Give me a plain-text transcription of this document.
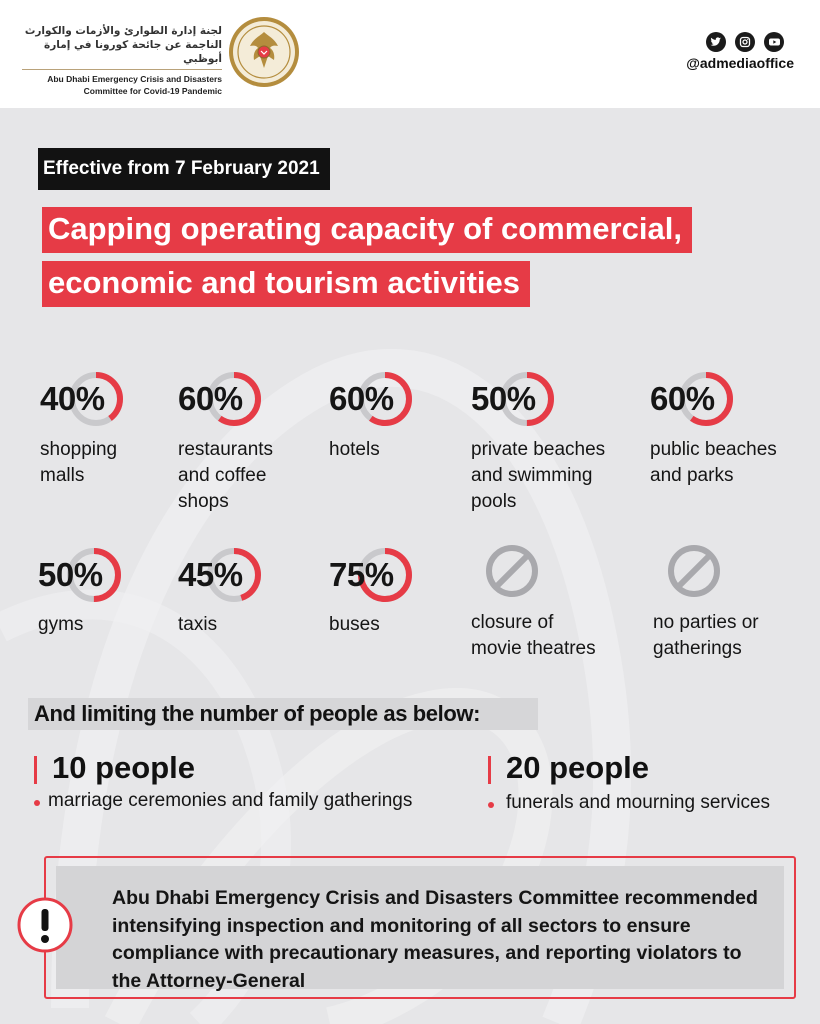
لجنة إدارة الطوارئ والأزمات والكوارث
الناجمة عن جائحة كورونا في إمارة أبوظبي
Abu Dhabi Emergency Crisis and Disasters
Committee for Covid-19 Pandemic
@admediaoffice
Effective from 7 February 2021
Capping operating capacity of commercial,
economic and tourism activities
40%
shopping
malls
60%
restaurants
and coffee
shops
60%
hotels
50%
private beaches
and swimming
pools
60%
public beaches
and parks
50%
gyms
45%
taxis
75%
buses	closure of
movie theatres
no parties or
gatherings
And limiting the number of people as below:
10 people
marriage ceremonies and family gatherings
20 people
funerals and mourning services
Abu Dhabi Emergency Crisis and Disasters Committee recommended intensifying inspection and monitoring of all sectors to ensure compliance with precautionary measures, and reporting violators to the Attorney-General
